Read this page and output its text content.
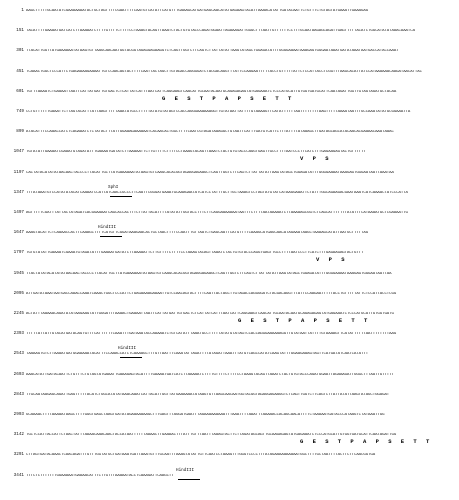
1 AAGCTTTTTGCAATATCGAAAAAAATACTGCTAGTTTTCGAATTTTCAATGTCATATTCATGTTTGAAAGCATGATGAGCAACATATGAGAAGTACATTAAAACATATTGATACAATTCTGTTTCTGTAGTATGAAATTGAAAGAG
151 TACATTTTGAAAATGATCATCTTAAAAATCTTTTGTTTTCTTTTCCTAAAGTACAGTTAAATCTACTGTGTACCCAGATGGAATTAGAAAGATTGGGCTTTAATTGTTTTTTCCTTTGCAATAAGAGCAGATTGAGTTTTTACATCTGGCATATATAAACAAATCA
301 TTACATTGGTTATGAAAAAATATAAGTGTTAAGCAACAATGGTACGGTAGAGGAGAAGGTCTCAGTTGGTCTTCAGTCTTATTATATTAAGTATAGCTGGAGATATTTGGGGAAAATAAAGAGTGGGAATAAATGATATAAATAATGACCATACCAAAT
451 TCAAACTGGCTCCCATTCTGAGAAAAGAAAATTGTCCAACAGTACTTTTCAATTACTAGCTTGTAGACCAGGGGATCTACGACAGGTTTATTCCAAGAATTTTTACCTGTTTTTATTCTCCATTACCTCGGTTTAAGCACATTATCCATAAAAAACAAGATAACATTAC
601 TGTTTAAAATCTGAAAATTAATTCATTATGATTGTGACTCTCATTATCATTTAATCATTCAGGAAGTCAACATTGCAATACAATGCAGAGAGAGTATGAGAAATCTCCCATGCATTGTGGTGATGCATTCAATAGATTGGTTGTAGTAGATGCTACAA
G E S T P A P S E T T
749 CCTGTTTTTTGAAATTCTTAGTACATTTATTAAGTTTTTAAATATGCCTTTTTATATGTATAGTCCACCAGGGAAAAAAGGTTGTATAATTATTTTGTAAAAGTTCATATTTTTTAATTTTTTTTAAGTTTTTAAAATAATTTGCCAAATATATGCGGAAATTA
899 ATACATTTCCAAACCATCTCAGAAATCTCTATACTTTATTGGAAAGAAAAAATCACAACACTGGCTTTTCAATCGTAGATAAAGGCTGTAATTCATTTGATGTCATTCTTTATTTTATAAAGCTTGATAGCAGCATACAACACGAAAACAAATAAAC
1047 TGTATATTGAAAATCGAAATGTAGATATTTGAAAATGATATCTTAAAAATTCTTGTTTTCTTTTCCTAAAGTACAGTTAAATCTACTGTGTACCCAGGTGAGTTGCCTTTTAATCCCTTCATCTTTGAGAAGAGTACTGTTTTTT
V P S
1197 CACTATACATATATAACAACTACCCCTTACATTGCTTATGAAAAAATATAAGTGTCAAGCACACGGTAGAGGAGAAGCTCAGTTGGTCTTCAGTCTTATTATATTAAGTATAGCTGGAGATATTTGGGGAAAATAAAGAGTGGGAATAATTAAATAA
1347 TTTATAAATGTCCATATATACATCAAAATCCATTATCAACCGCCCTTCAATTCGGGATGAAATGCAAAGAATATCATCCTATTTGCTTGCTAAAGTCCTAGTATGTATCATAAGGAAATTCTATTTGGCAGAAGACGAATAAATCATCAAAACTATCCCATTA
SphI
1497 AGTTTTTCGATTTATTACTATAGATCACGGAAAATCAGCACCACTTTCTTATTACATTTTATATATTGGTACCTTTCTTCAGGAAAAAAATAATTTCTTTTAATAAAAATCTTAAAAAGCGGTCTCAGCATTTTTTTATATTTCATAAAATGCTCGAAAATTG
1647 AAAGTACATTCTCAAAACCACTTCAAAGCTTTTCATGTTCGGATAAAGAACACTGCTAACTTTTCCAATTTGTTAATCTGAGCAATTCATGTTTTCAAAGCATGAGCAACATAGAAATAAGCTAAAAGCATATTAATGCTTTTTAG
HindIII
1797 TGTGTATATTGAAAATCGAAATGTAGATATTTGAAAATGATATCTTAAAAATTCTTGTTTTCTTTTCCTAAAGTACAGTTAAATCTACTGTGTACCCAGGTGAGTTGCCTTTTAATCCCTTCATCTTTGAGAAGAGTACTGTTT
V P S
1945 TTACTATATACATATATAACAACTACCCCTTACATTGCTTATGAAAAAATATAAGTGTCAAGCACACGGTAGAGGAGAAGCTCAGTTGGTCTTCAGTCTTATTATATTAAGTATAGCTGGAGATATTTGGGGAAAATAAAGAGTGGGAATAATTAA
2095 ATTGATATAAATAATGACCAAACCAAATCAAACTGGCTCCCATTCTGAGAAAAGAAAATTGTCCAACAGTACTTTTCAATTACTAGCTTGTAGACCAGGGGATCTACGACAGGTTTATTCCAAGAATTTTTACCTGTTTTTATTCTCCATTACCTCGG
2245 ACTATTTAAAAACAGATATATAAGAAGTATTGGGATTTAAAACTGAAAATTAATTCATTATGATTGTGACTCTCATTATCATTTAATCATTCAGGAAGTCAACATTGCAATACAATGCAGAGAGAGTATGAGAAATCTCCCATGCATTGTGGTGATG
G E S T P A P S E T T
2393 TTTTTATTATTGTACATGATACAGTGTTTCATTTTTTCAAATTTGATAAATACCAAAAATCTGTCATATTTAAATGCCTTTTTATATGTATAGTCCACCAGGGAAAAAAGGTTGTATAATTATTTTGTAAAAGTTCATATTTTTTAATTTTTTTTAAG
2543 TAAAAGTGTCTTAAAATGATGGAAAAATACATTTCCAAACCATCTCAAAAGCTTTGTTAATTTCAAATATTAGATTTTATAGATTAAATTTATGTCAGCCATATCAAGTATTTGGAAGAAAGTAGTTCATGATATCAATCATATTT
HindIII
2693 AAACATATTGATACAATTCTGTTTCTGTAGTATGAAATTGAAAGAGTACATTTTGAAAATGATCATCTTAAAAATCTTTTGTTTTCTTTTCCTAAAGTACAGTTAAATCTACTGTGTACCCAGATGGAATTAGAAAGATTGGGCTTTAATTGTTTTT
2843 TTGCAATAAGAGCAGATTGAGTTTTTACATCTGGCATATATAAACAAATCATTACATTGGTTATGAAAAAATATAAGTGTTAAGCAACAATGGTACGGTAGAGGAGAAGGTCTCAGTTGGTCTTCAGTCTTATTATATTAAGTATAGCTGGAGAT
2993 GCAAAACTTTTAAAAATAAGCTTTTGGGTGAGCTAAGTGATATAGAAAAAAAGCTTTGAGTTTAGGATGAATTTAGAAAAAAAAATTTAAATTTTAAATTTAAAAACCACAGCAACATTTTCTAAAAATGATACCCATAAGTCTATAAATTGG
3142 TGCTCCATTACCATTCTAACTATTTAAAACAAACAACTACCATAATTTTTTAAAACTTGAAAACTTTATTTGTTTAATTTAAAGTACTTCTTAGATAGCAGTTGCAAGAGAGTATGAGAAATCTCCCATGCATTGTGGTGATGCATTCAATAGATTGG
G E S T P A P S E T T
3291 CTTAGTGATACAAACTCAACAGATTTGTTTGGTATGCTGATAAATGATTAAATGTTTGCAATTTAAAGTATATTGTTCAATCCTAAAGTTTGGGTCCCCTTTATAGAAAAAAAAAATGGCTTTTGCTAATTTTACTTCTTCAACGGTGA
3441 TTTCTCTTTTTTTGGAAAAATGAAAACATTTCTTGTTTAAAAATACCTCAAAGATTCAAGCTT
HindIII
